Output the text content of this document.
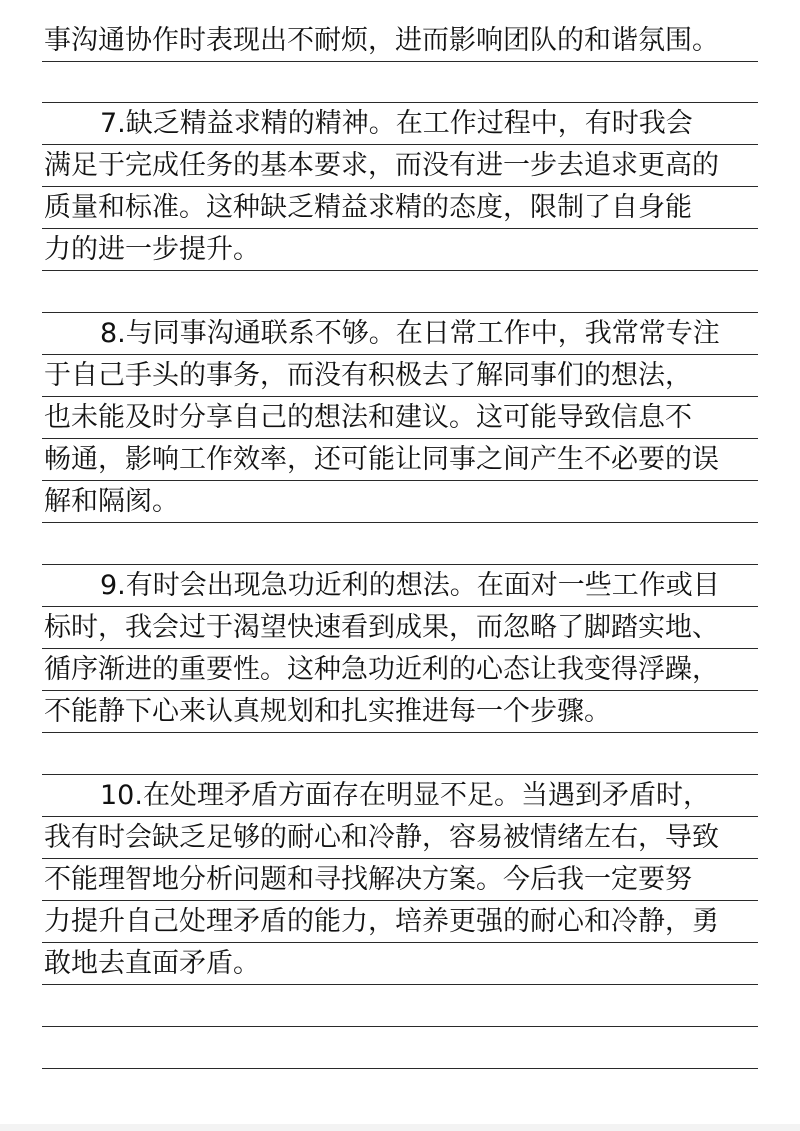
事沟通协作时表现出不耐烦，进而影响团队的和谐氛围。
7.缺乏精益求精的精神。在工作过程中，有时我会
满足于完成任务的基本要求，而没有进一步去追求更高的
质量和标准。这种缺乏精益求精的态度，限制了自身能
力的进一步提升。
8.与同事沟通联系不够。在日常工作中，我常常专注
于自己手头的事务，而没有积极去了解同事们的想法，
也未能及时分享自己的想法和建议。这可能导致信息不
畅通，影响工作效率，还可能让同事之间产生不必要的误
解和隔阂。
9.有时会出现急功近利的想法。在面对一些工作或目
标时，我会过于渴望快速看到成果，而忽略了脚踏实地、
循序渐进的重要性。这种急功近利的心态让我变得浮躁，
不能静下心来认真规划和扎实推进每一个步骤。
10.在处理矛盾方面存在明显不足。当遇到矛盾时，
我有时会缺乏足够的耐心和冷静，容易被情绪左右，导致
不能理智地分析问题和寻找解决方案。今后我一定要努
力提升自己处理矛盾的能力，培养更强的耐心和冷静，勇
敢地去直面矛盾。
